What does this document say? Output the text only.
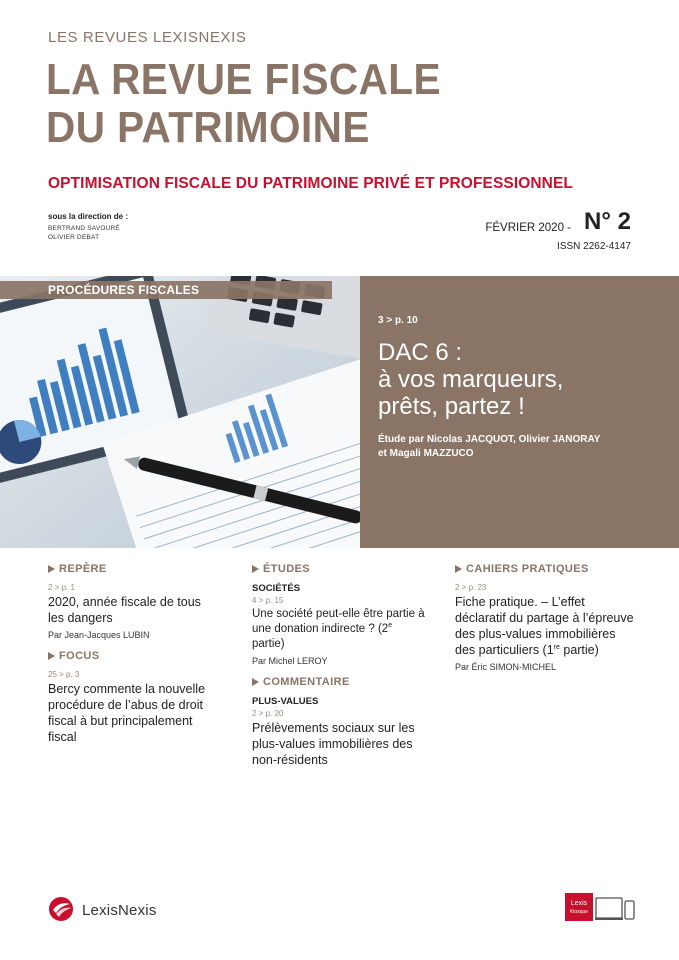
LES REVUES LEXISNEXIS
LA REVUE FISCALE
DU PATRIMOINE
OPTIMISATION FISCALE DU PATRIMOINE PRIVÉ ET PROFESSIONNEL
sous la direction de :
BERTRAND SAVOURÉ
OLIVIER DEBAT
FÉVRIER 2020 - N° 2
ISSN 2262-4147
PROCÉDURES FISCALES
3 > p. 10
DAC 6 :
à vos marqueurs,
prêts, partez !
Étude par Nicolas JACQUOT, Olivier JANORAY
et Magali MAZZUCO
REPÈRE
2 > p. 1
2020, année fiscale de tous les dangers
Par Jean-Jacques LUBIN
FOCUS
25 > p. 3
Bercy commente la nouvelle procédure de l’abus de droit fiscal à but principalement fiscal
ÉTUDES
SOCIÉTÉS
4 > p. 15
Une société peut-elle être partie à une donation indirecte ? (2e partie)
Par Michel LEROY
COMMENTAIRE
PLUS-VALUES
2 > p. 20
Prélèvements sociaux sur les plus-values immobilières des non-résidents
CAHIERS PRATIQUES
2 > p. 23
Fiche pratique. – L’effet déclaratif du partage à l’épreuve des plus-values immobilières des particuliers (1re partie)
Par Éric SIMON-MICHEL
LexisNexis	Lexis
Kiosque
